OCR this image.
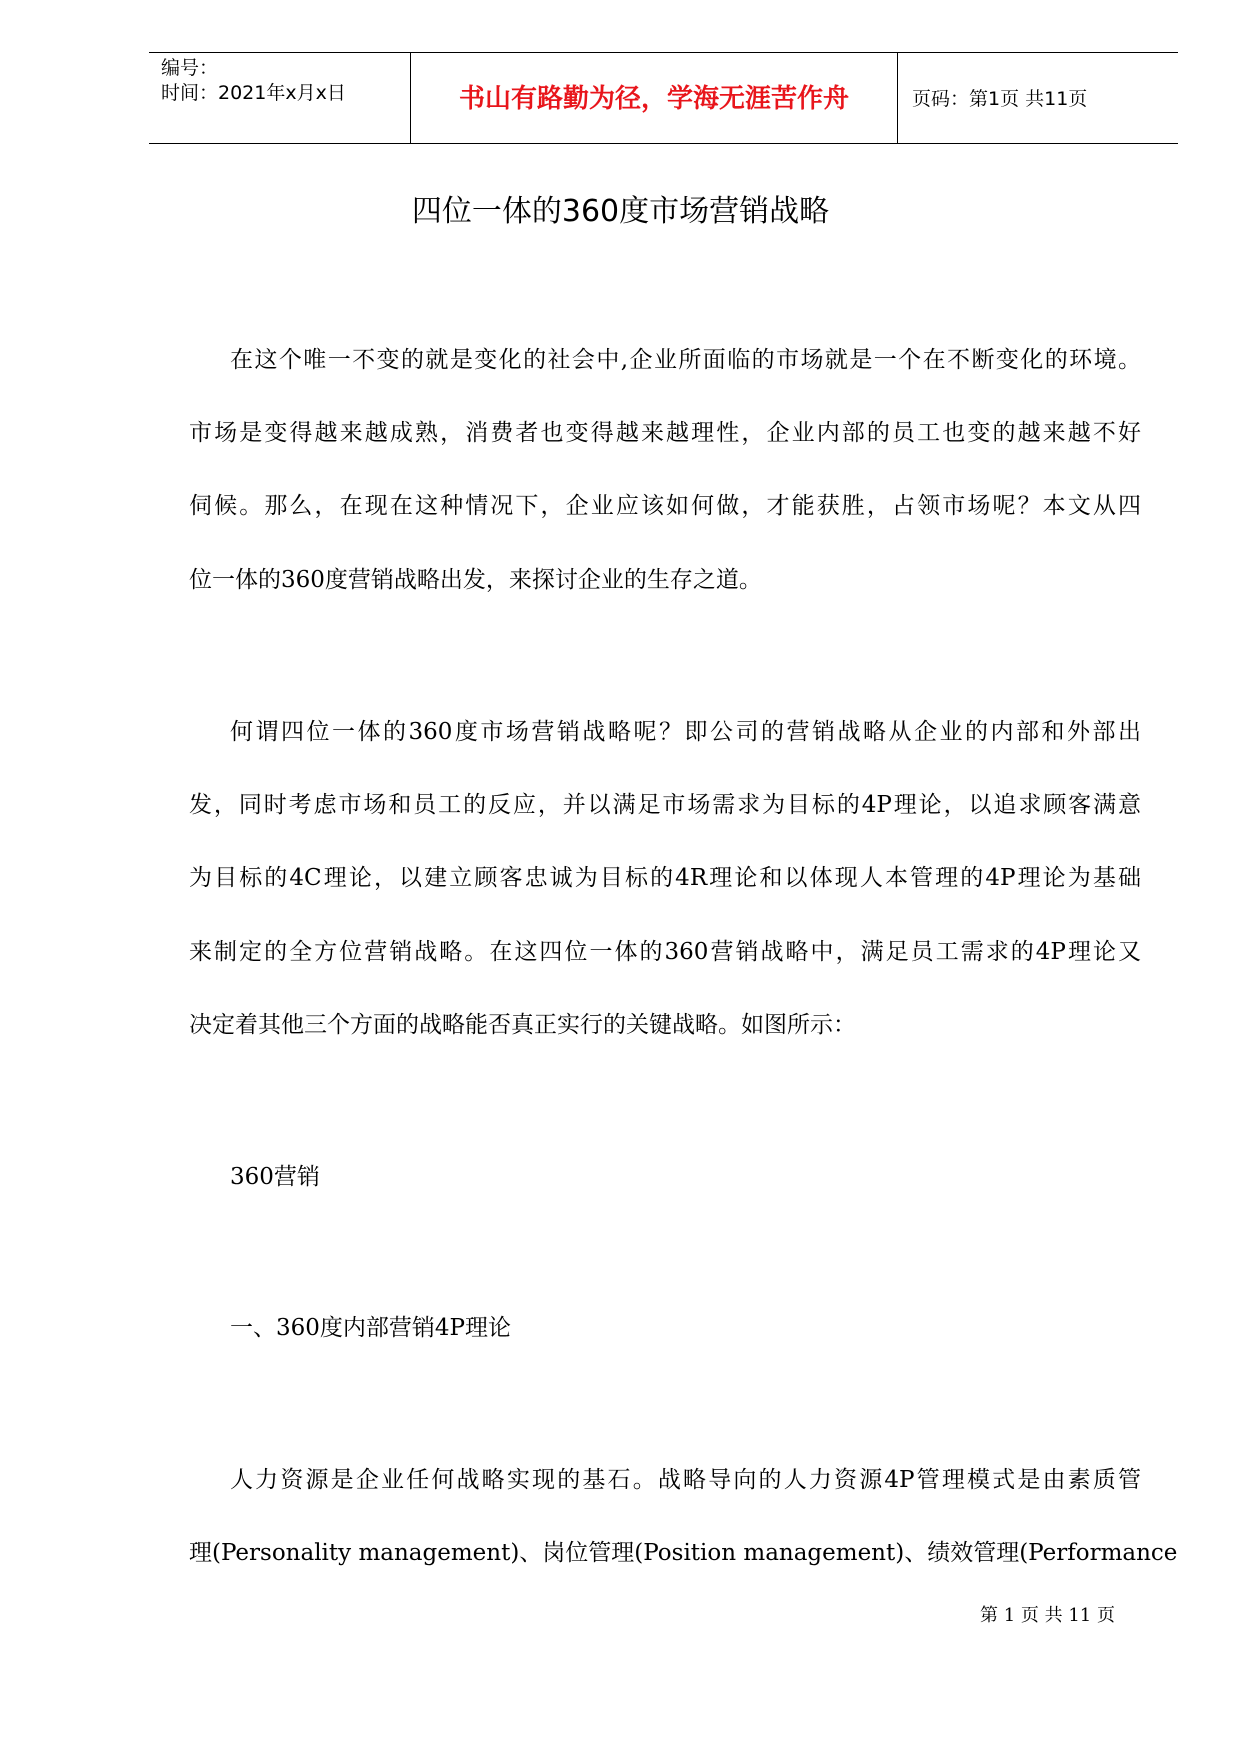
编号：
时间：2021年x月x日	书山有路勤为径，学海无涯苦作舟	页码：第1页 共11页
四位一体的360度市场营销战略
在这个唯一不变的就是变化的社会中,企业所面临的市场就是一个在不断变化的环境。
市场是变得越来越成熟，消费者也变得越来越理性，企业内部的员工也变的越来越不好
伺候。那么，在现在这种情况下，企业应该如何做，才能获胜，占领市场呢？本文从四
位一体的360度营销战略出发，来探讨企业的生存之道。
何谓四位一体的360度市场营销战略呢？即公司的营销战略从企业的内部和外部出
发，同时考虑市场和员工的反应，并以满足市场需求为目标的4P理论，以追求顾客满意
为目标的4C理论，以建立顾客忠诚为目标的4R理论和以体现人本管理的4P理论为基础
来制定的全方位营销战略。在这四位一体的360营销战略中，满足员工需求的4P理论又
决定着其他三个方面的战略能否真正实行的关键战略。如图所示：
360营销
一、360度内部营销4P理论
人力资源是企业任何战略实现的基石。战略导向的人力资源4P管理模式是由素质管
理(Personality management)、岗位管理(Position management)、绩效管理(Performance
第 1 页 共 11 页
